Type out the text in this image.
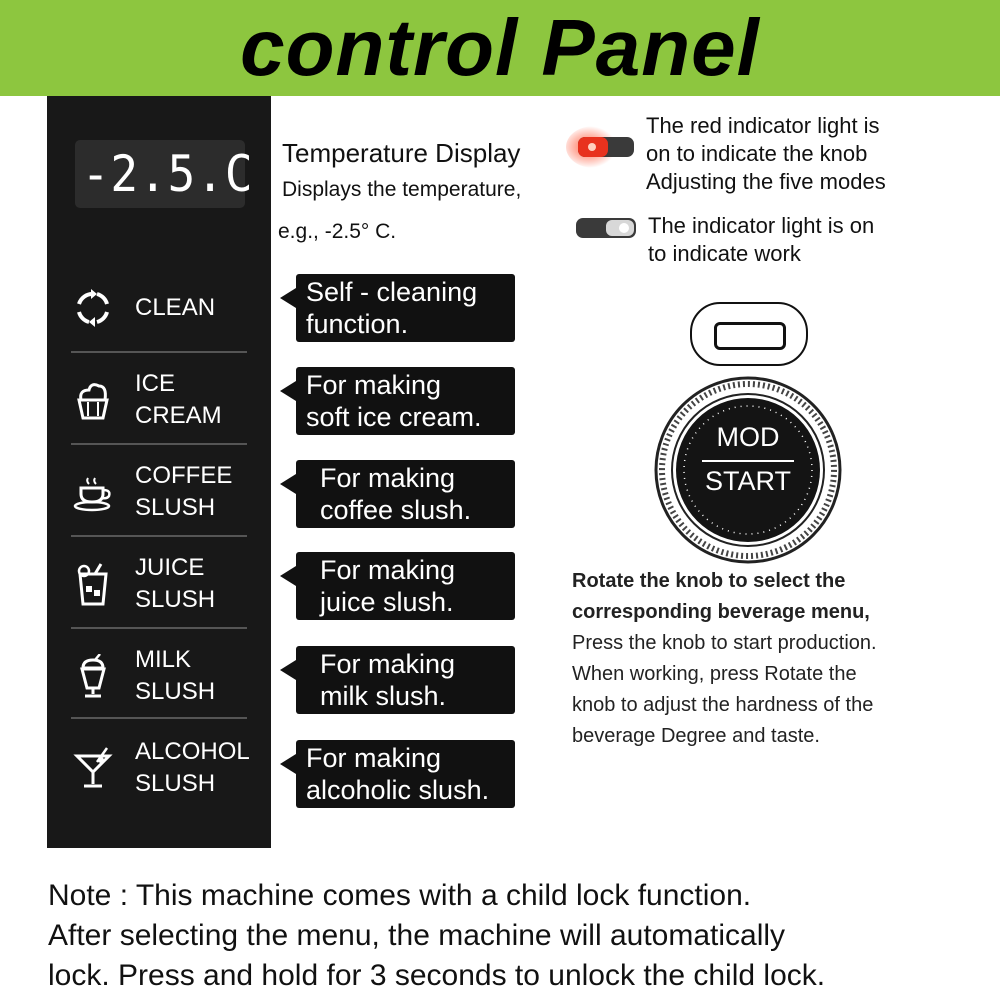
control Panel
-2.5.C
CLEAN
ICE
CREAM
COFFEE
SLUSH
JUICE
SLUSH
MILK
SLUSH
ALCOHOL
SLUSH
Self - cleaning
function.
For making
soft ice cream.
For making
coffee slush.
For making
juice slush.
For making
milk slush.
For making
alcoholic slush.
Temperature Display
Displays the temperature,
e.g., -2.5° C.
The red indicator light is
on to indicate the knob
Adjusting the five modes
The indicator light is on
to indicate work
MOD
START
Rotate the knob to select the
corresponding beverage menu,
Press the knob to start production.
When working, press Rotate the
knob to adjust the hardness of the
beverage Degree and taste.
Note : This machine comes with a child lock function.
After selecting the menu, the machine will automatically
lock. Press and hold for 3 seconds to unlock the child lock.
